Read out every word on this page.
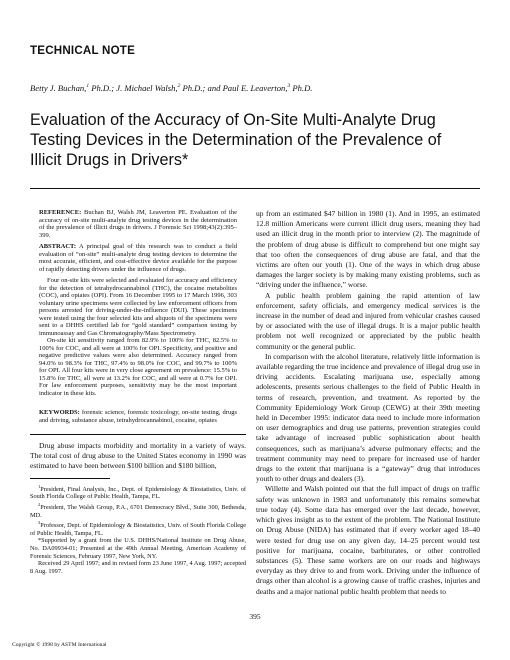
TECHNICAL NOTE

Betty J. Buchan,$^1$ Ph.D.; J. Michael Walsh,$^2$ Ph.D.; and Paul E. Leaverton,$^3$ Ph.D.

Evaluation of the Accuracy of On-Site Multi-Analyte Drug Testing Devices in the Determination of the Prevalence of Illicit Drugs in Drivers*

REFERENCE: Buchan BJ, Walsh JM, Leaverton PE. Evaluation of the accuracy of on-site multi-analyte drug testing devices in the determination of the prevalence of illicit drugs in drivers. J Forensic Sci 1998;43(2):395–399.

ABSTRACT: A principal goal of this research was to conduct a field evaluation of “on-site” multi-analyte drug testing devices to determine the most accurate, efficient, and cost-effective device available for the purpose of rapidly detecting drivers under the influence of drugs.

Four on-site kits were selected and evaluated for accuracy and efficiency for the detection of tetrahydrocannabinol (THC), the cocaine metabolites (COC), and opiates (OPI). From 16 December 1995 to 17 March 1996, 303 voluntary urine specimens were collected by law enforcement officers from persons arrested for driving-under-the-influence (DUI). These specimens were tested using the four selected kits and aliquots of the specimens were sent to a DHHS certified lab for “gold standard” comparison testing by immunoassay and Gas Chromatography/Mass Spectrometry.

On-site kit sensitivity ranged from 82.9% to 100% for THC, 82.5% to 100% for COC, and all were at 100% for OPI. Specificity, and positive and negative predictive values were also determined. Accuracy ranged from 94.0% to 98.3% for THC, 97.4% to 98.0% for COC, and 99.7% to 100% for OPI. All four kits were in very close agreement on prevalence: 15.5% to 15.8% for THC, all were at 13.2% for COC, and all were at 0.7% for OPI. For law enforcement purposes, sensitivity may be the most important indicator in these kits.

KEYWORDS: forensic science, forensic toxicology, on-site testing, drugs and driving, substance abuse, tetrahydrocannabinol, cocaine, opiates

Drug abuse impacts morbidity and mortality in a variety of ways. The total cost of drug abuse to the United States economy in 1990 was estimated to have been between $100 billion and $180 billion,

$^1$President, Final Analysis, Inc., Dept. of Epidemiology & Biostatistics, Univ. of South Florida College of Public Health, Tampa, FL.

$^2$President, The Walsh Group, P.A., 6701 Democracy Blvd., Suite 300, Bethesda, MD.

$^3$Professor, Dept. of Epidemiology & Biostatistics, Univ. of South Florida College of Public Health, Tampa, FL.

*Supported by a grant from the U.S. DHHS/National Institute on Drug Abuse, No. DA09934-01; Presented at the 49th Annual Meeting, American Academy of Forensic Sciences, February 1997, New York, NY.

Received 29 April 1997; and in revised form 23 June 1997, 4 Aug. 1997; accepted 8 Aug. 1997.

up from an estimated $47 billion in 1980 (1). And in 1995, an estimated 12.8 million Americans were current illicit drug users, meaning they had used an illicit drug in the month prior to interview (2). The magnitude of the problem of drug abuse is difficult to comprehend but one might say that too often the consequences of drug abuse are fatal, and that the victims are often our youth (1). One of the ways in which drug abuse damages the larger society is by making many existing problems, such as “driving under the influence,” worse.

A public health problem gaining the rapid attention of law enforcement, safety officials, and emergency medical services is the increase in the number of dead and injured from vehicular crashes caused by or associated with the use of illegal drugs. It is a major public health problem not well recognized or appreciated by the public health community or the general public.

In comparison with the alcohol literature, relatively little information is available regarding the true incidence and prevalence of illegal drug use in driving accidents. Escalating marijuana use, especially among adolescents, presents serious challenges to the field of Public Health in terms of research, prevention, and treatment. As reported by the Community Epidemiology Work Group (CEWG) at their 39th meeting held in December 1995: indicator data need to include more information on user demographics and drug use patterns, prevention strategies could take advantage of increased public sophistication about health consequences, such as marijuana’s adverse pulmonary effects; and the treatment community may need to prepare for increased use of harder drugs to the extent that marijuana is a “gateway” drug that introduces youth to other drugs and dealers (3).

Willette and Walsh pointed out that the full impact of drugs on traffic safety was unknown in 1983 and unfortunately this remains somewhat true today (4). Some data has emerged over the last decade, however, which gives insight as to the extent of the problem. The National Institute on Drug Abuse (NIDA) has estimated that if every worker aged 18–40 were tested for drug use on any given day, 14–25 percent would test positive for marijuana, cocaine, barbiturates, or other controlled substances (5). These same workers are on our roads and highways everyday as they drive to and from work. Driving under the influence of drugs other than alcohol is a growing cause of traffic crashes, injuries and deaths and a major national public health problem that needs to

395

Copyright © 1998 by ASTM International
